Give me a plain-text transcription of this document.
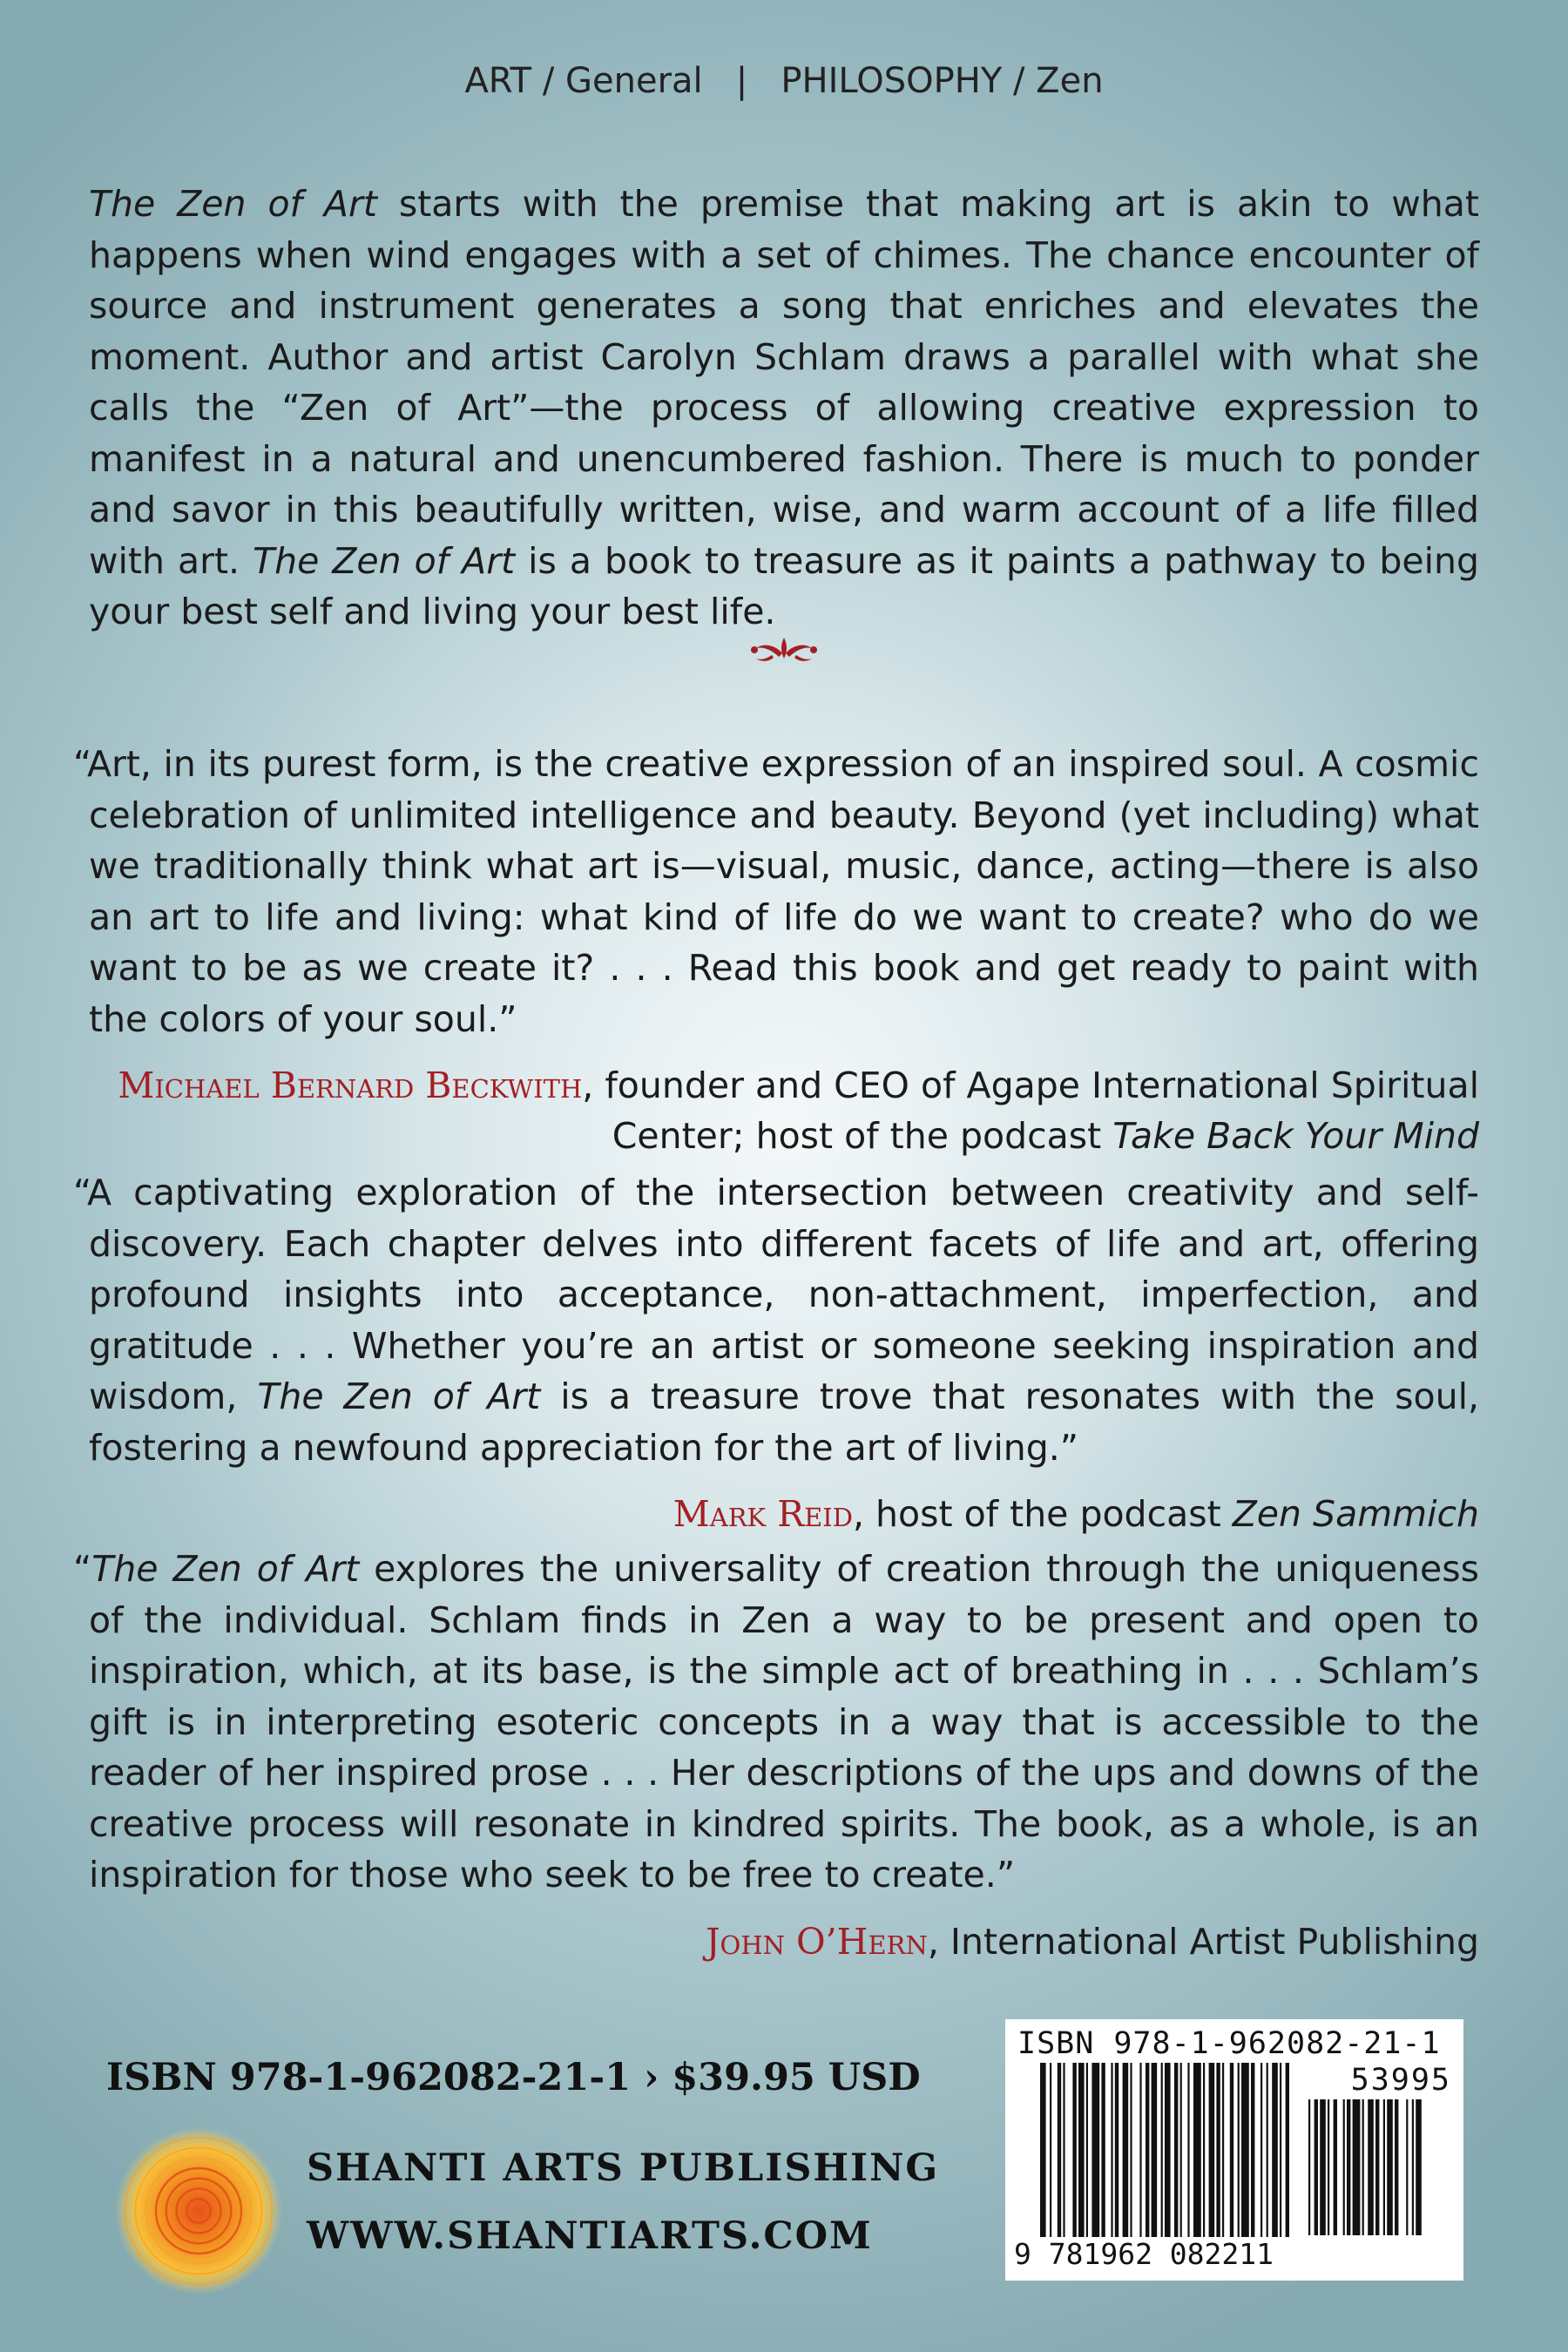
ART / General   |   PHILOSOPHY / Zen
The Zen of Art starts with the premise that making art is akin to what happens when wind engages with a set of chimes. The chance encounter of source and instrument generates a song that enriches and elevates the moment. Author and artist Carolyn Schlam draws a parallel with what she calls the “Zen of Art”—the process of allowing creative expression to manifest in a natural and unencumbered fashion. There is much to ponder and savor in this beautifully written, wise, and warm account of a life filled with art. The Zen of Art is a book to treasure as it paints a pathway to being your best self and living your best life.

“Art, in its purest form, is the creative expression of an inspired soul. A cosmic celebration of unlimited intelligence and beauty. Beyond (yet including) what we traditionally think what art is—visual, music, dance, acting—there is also an art to life and living: what kind of life do we want to create? who do we want to be as we create it? . . . Read this book and get ready to paint with the colors of your soul.”

Michael Bernard Beckwith, founder and CEO of Agape International Spiritual Center; host of the podcast Take Back Your Mind

“A captivating exploration of the intersection between creativity and self-discovery. Each chapter delves into different facets of life and art, offering profound insights into acceptance, non-attachment, imperfection, and gratitude . . . Whether you’re an artist or someone seeking inspiration and wisdom, The Zen of Art is a treasure trove that resonates with the soul, fostering a newfound appreciation for the art of living.”

Mark Reid, host of the podcast Zen Sammich

“The Zen of Art explores the universality of creation through the uniqueness of the individual. Schlam finds in Zen a way to be present and open to inspiration, which, at its base, is the simple act of breathing in . . . Schlam’s gift is in interpreting esoteric concepts in a way that is accessible to the reader of her inspired prose . . . Her descriptions of the ups and downs of the creative process will resonate in kindred spirits. The book, as a whole, is an inspiration for those who seek to be free to create.”

John O’Hern, International Artist Publishing
ISBN 978-1-962082-21-1 › $39.95 USD
SHANTI ARTS PUBLISHING
WWW.SHANTIARTS.COM
ISBN 978-1-962082-21-1
53995
9 781962 082211
